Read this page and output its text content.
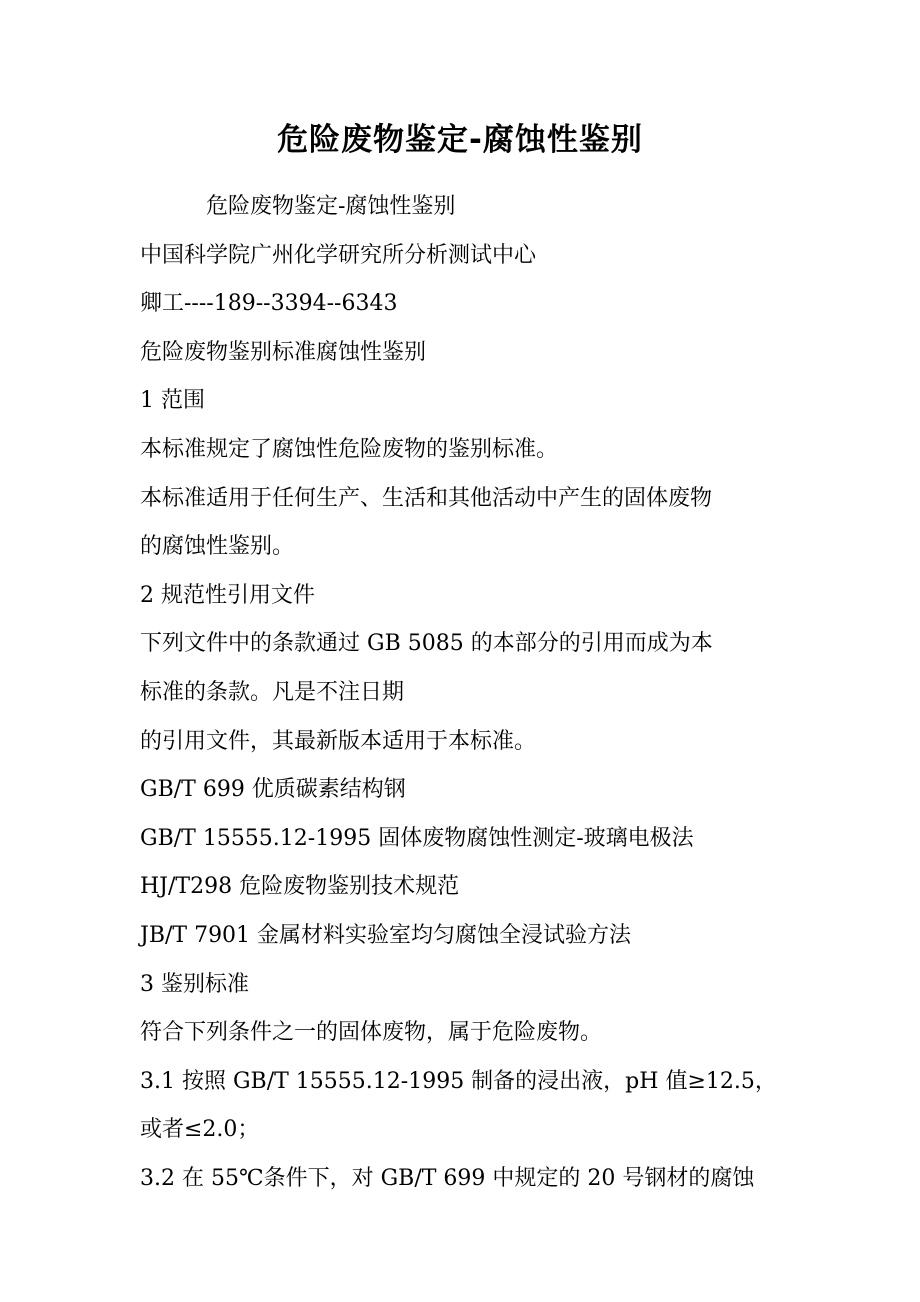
危险废物鉴定-腐蚀性鉴别

危险废物鉴定-腐蚀性鉴别

中国科学院广州化学研究所分析测试中心

卿工----189--3394--6343

危险废物鉴别标准腐蚀性鉴别

1 范围

本标准规定了腐蚀性危险废物的鉴别标准。

本标准适用于任何生产、生活和其他活动中产生的固体废物

的腐蚀性鉴别。

2 规范性引用文件

下列文件中的条款通过 GB 5085 的本部分的引用而成为本

标准的条款。凡是不注日期

的引用文件，其最新版本适用于本标准。

GB/T 699 优质碳素结构钢

GB/T 15555.12-1995 固体废物腐蚀性测定-玻璃电极法

HJ/T298 危险废物鉴别技术规范

JB/T 7901 金属材料实验室均匀腐蚀全浸试验方法

3 鉴别标准

符合下列条件之一的固体废物，属于危险废物。

3.1 按照 GB/T 15555.12-1995 制备的浸出液，pH 值≥12.5，

或者≤2.0；

3.2 在 55℃条件下，对 GB/T 699 中规定的 20 号钢材的腐蚀
